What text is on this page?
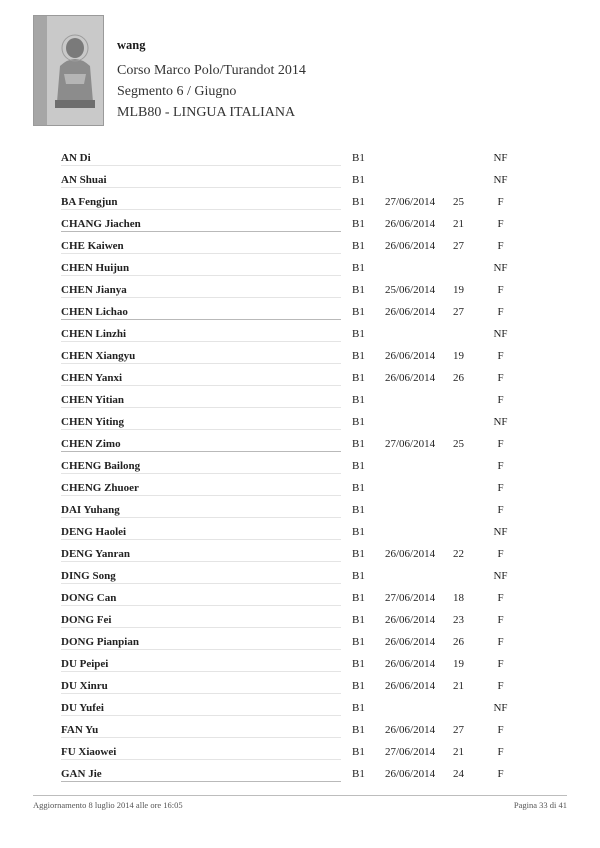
wang
Corso Marco Polo/Turandot 2014
Segmento 6 / Giugno
MLB80 - LINGUA ITALIANA
AN Di	B1	NF
AN Shuai	B1	NF
BA Fengjun	B1 27/06/2014 25	F
CHANG Jiachen	B1 26/06/2014 21	F
CHE Kaiwen	B1 26/06/2014 27	F
CHEN Huijun	B1	NF
CHEN Jianya	B1 25/06/2014 19	F
CHEN Lichao	B1 26/06/2014 27	F
CHEN Linzhi	B1	NF
CHEN Xiangyu	B1 26/06/2014 19	F
CHEN Yanxi	B1 26/06/2014 26	F
CHEN Yitian	B1	F
CHEN Yiting	B1	NF
CHEN Zimo	B1 27/06/2014 25	F
CHENG Bailong	B1	F
CHENG Zhuoer	B1	F
DAI Yuhang	B1	F
DENG Haolei	B1	NF
DENG Yanran	B1 26/06/2014 22	F
DING Song	B1	NF
DONG Can	B1 27/06/2014 18	F
DONG Fei	B1 26/06/2014 23	F
DONG Pianpian	B1 26/06/2014 26	F
DU Peipei	B1 26/06/2014 19	F
DU Xinru	B1 26/06/2014 21	F
DU Yufei	B1	NF
FAN Yu	B1 26/06/2014 27	F
FU Xiaowei	B1 27/06/2014 21	F
GAN Jie	B1 26/06/2014 24	F
Aggiornamento 8 luglio 2014 alle ore 16:05	Pagina 33 di 41
